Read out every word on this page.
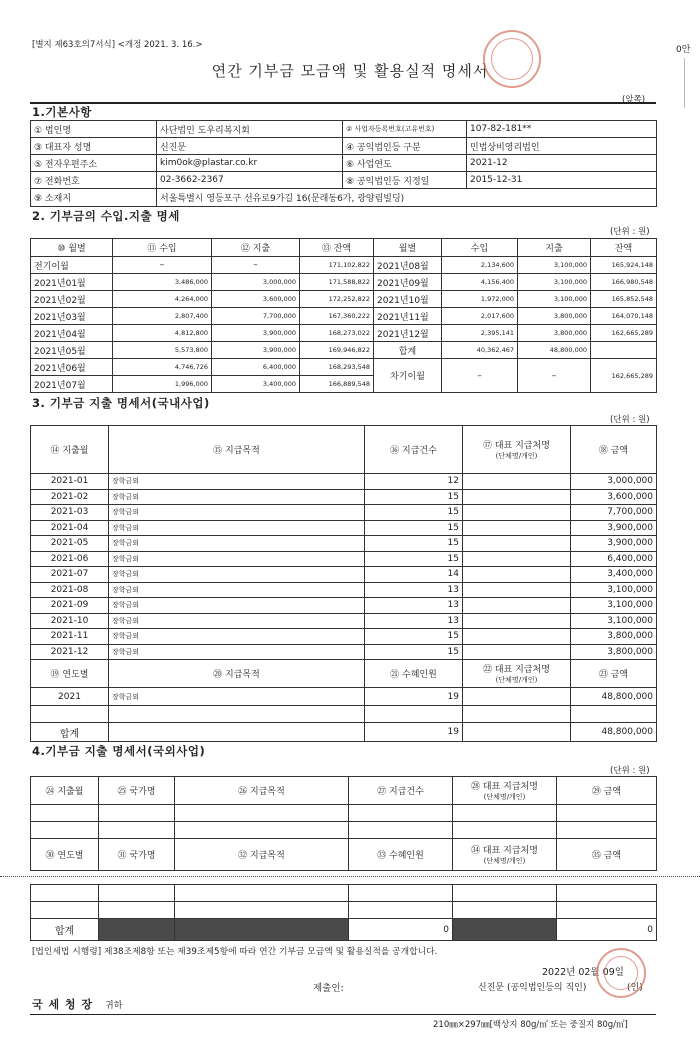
[별지 제63호의7서식] <개정 2021. 3. 16.>
연간 기부금 모금액 및 활용실적 명세서
0안
(앞쪽)
1.기본사항
① 법인명	사단법인 도우리복지회	② 사업자등록번호(고유번호)	107-82-181**
③ 대표자 성명	신진문	④ 공익법인등 구분	민법상비영리법인
⑤ 전자우편주소	kim0ok@plastar.co.kr	⑥ 사업연도	2021-12
⑦ 전화번호	02-3662-2367	⑧ 공익법인등 지정일	2015-12-31
⑨ 소재지	서울특별시 영등포구 선유로9가길 16(문래동6가, 광양림빌딩)		
2. 기부금의 수입.지출 명세
(단위 : 원)
⑩ 월별	⑪ 수입	⑫ 지출	⑬ 잔액	월별	수입	지출	잔액
전기이월	–	–	171,102,822	2021년08월	2,134,600	3,100,000	165,924,148
2021년01월	3,486,000	3,000,000	171,588,822	2021년09월	4,156,400	3,100,000	166,980,548
2021년02월	4,264,000	3,600,000	172,252,822	2021년10월	1,972,000	3,100,000	165,852,548
2021년03월	2,807,400	7,700,000	167,360,222	2021년11월	2,017,600	3,800,000	164,070,148
2021년04월	4,812,800	3,900,000	168,273,022	2021년12월	2,395,141	3,800,000	162,665,289
2021년05월	5,573,800	3,900,000	169,946,822	합계	40,362,467	48,800,000	
2021년06월	4,746,726	6,400,000	168,293,548	차기이월	–	–	162,665,289
2021년07월	1,996,000	3,400,000	166,889,548				
3. 기부금 지출 명세서(국내사업)
(단위 : 원)
⑭ 지출월	⑮ 지급목적	⑯ 지급건수	⑰ 대표 지급처명
(단체명/개인)	⑱ 금액
2021-01	장학금외	12		3,000,000
2021-02	장학금외	15		3,600,000
2021-03	장학금외	15		7,700,000
2021-04	장학금외	15		3,900,000
2021-05	장학금외	15		3,900,000
2021-06	장학금외	15		6,400,000
2021-07	장학금외	14		3,400,000
2021-08	장학금외	13		3,100,000
2021-09	장학금외	13		3,100,000
2021-10	장학금외	13		3,100,000
2021-11	장학금외	15		3,800,000
2021-12	장학금외	15		3,800,000
⑲ 연도별	⑳ 지급목적	㉑ 수혜인원	㉒ 대표 지급처명
(단체명/개인)	㉓ 금액
2021	장학금외	19		48,800,000

합계		19		48,800,000
4.기부금 지출 명세서(국외사업)
(단위 : 원)
㉔ 지출월	㉕ 국가명	㉖ 지급목적	㉗ 지급건수	㉘ 대표 지급처명
(단체명/개인)	㉙ 금액

㉚ 연도별	㉛ 국가명	㉜ 지급목적	㉝ 수혜인원	㉞ 대표 지급처명
(단체명/개인)	㉟ 금액

합계			0		0
[법인세법 시행령] 제38조제8항 또는 제39조제5항에 따라 연간 기부금 모금액 및 활용실적을 공개합니다.
2022년 02월 09일
제출인:	신진문 (공익법인등의 직인)	(인)
국 세 청 장 귀하
210㎜×297㎜[백상지 80g/㎡ 또는 중질지 80g/㎡]
